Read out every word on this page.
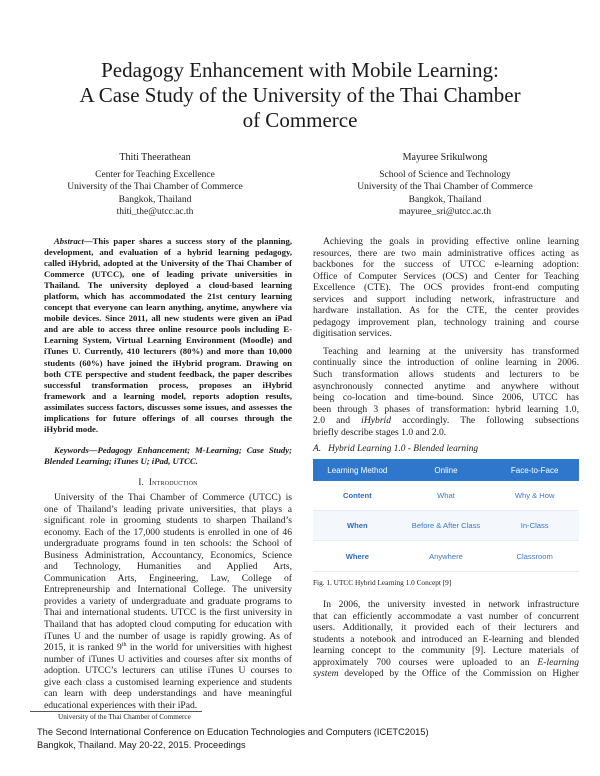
Pedagogy Enhancement with Mobile Learning:
A Case Study of the University of the Thai Chamber
of Commerce
Thiti Theerathean
Center for Teaching Excellence
University of the Thai Chamber of Commerce
Bangkok, Thailand
thiti_the@utcc.ac.th
Mayuree Srikulwong
School of Science and Technology
University of the Thai Chamber of Commerce
Bangkok, Thailand
mayuree_sri@utcc.ac.th
Abstract—This paper shares a success story of the planning,
development, and evaluation of a hybrid learning pedagogy,
called iHybrid, adopted at the University of the Thai Chamber of
Commerce (UTCC), one of leading private universities in
Thailand. The university deployed a cloud-based learning
platform, which has accommodated the 21st century learning
concept that everyone can learn anything, anytime, anywhere via
mobile devices. Since 2011, all new students were given an iPad
and are able to access three online resource pools including E-
Learning System, Virtual Learning Environment (Moodle) and
iTunes U. Currently, 410 lecturers (80%) and more than 10,000
students (60%) have joined the iHybrid program. Drawing on
both CTE perspective and student feedback, the paper describes
successful transformation process, proposes an iHybrid
framework and a learning model, reports adoption results,
assimilates success factors, discusses some issues, and assesses the
implications for future offerings of all courses through the
iHybrid mode.
Keywords—Pedagogy Enhancement; M-Learning; Case Study;
Blended Learning; iTunes U; iPad, UTCC.
I. Introduction
University of the Thai Chamber of Commerce (UTCC) is
one of Thailand’s leading private universities, that plays a
significant role in grooming students to sharpen Thailand’s
economy. Each of the 17,000 students is enrolled in one of 46
undergraduate programs found in ten schools: the School of
Business Administration, Accountancy, Economics, Science
and Technology, Humanities and Applied Arts,
Communication Arts, Engineering, Law, College of
Entrepreneurship and International College. The university
provides a variety of undergraduate and graduate programs to
Thai and international students. UTCC is the first university in
Thailand that has adopted cloud computing for education with
iTunes U and the number of usage is rapidly growing. As of
2015, it is ranked 9th in the world for universities with highest
number of iTunes U activities and courses after six months of
adoption. UTCC’s lecturers can utilise iTunes U courses to
give each class a customised learning experience and students
can learn with deep understandings and have meaningful
educational experiences with their iPad.
Achieving the goals in providing effective online learning
resources, there are two main administrative offices acting as
backbones for the success of UTCC e-learning adoption:
Office of Computer Services (OCS) and Center for Teaching
Excellence (CTE). The OCS provides front-end computing
services and support including network, infrastructure and
hardware installation. As for the CTE, the center provides
pedagogy improvement plan, technology training and course
digitisation services.
Teaching and learning at the university has transformed
continually since the introduction of online learning in 2006.
Such transformation allows students and lecturers to be
asynchronously connected anytime and anywhere without
being co-location and time-bound. Since 2006, UTCC has
been through 3 phases of transformation: hybrid learning 1.0,
2.0 and iHybrid accordingly. The following subsections
briefly describe stages 1.0 and 2.0.
A. Hybrid Learning 1.0 - Blended learning
Learning Method	Online	Face-to-Face
Content	What	Why & How
When	Before & After Class	In-Class
Where	Anywhere	Classroom
Fig. 1. UTCC Hybrid Learning 1.0 Concept [9]
In 2006, the university invested in network infrastructure
that can efficiently accommodate a vast number of concurrent
users. Additionally, it provided each of their lecturers and
students a notebook and introduced an E-learning and blended
learning concept to the community [9]. Lecture materials of
approximately 700 courses were uploaded to an E-learning
system developed by the Office of the Commission on Higher
University of the Thai Chamber of Commerce
The Second International Conference on Education Technologies and Computers (ICETC2015)
Bangkok, Thailand. May 20-22, 2015. Proceedings
